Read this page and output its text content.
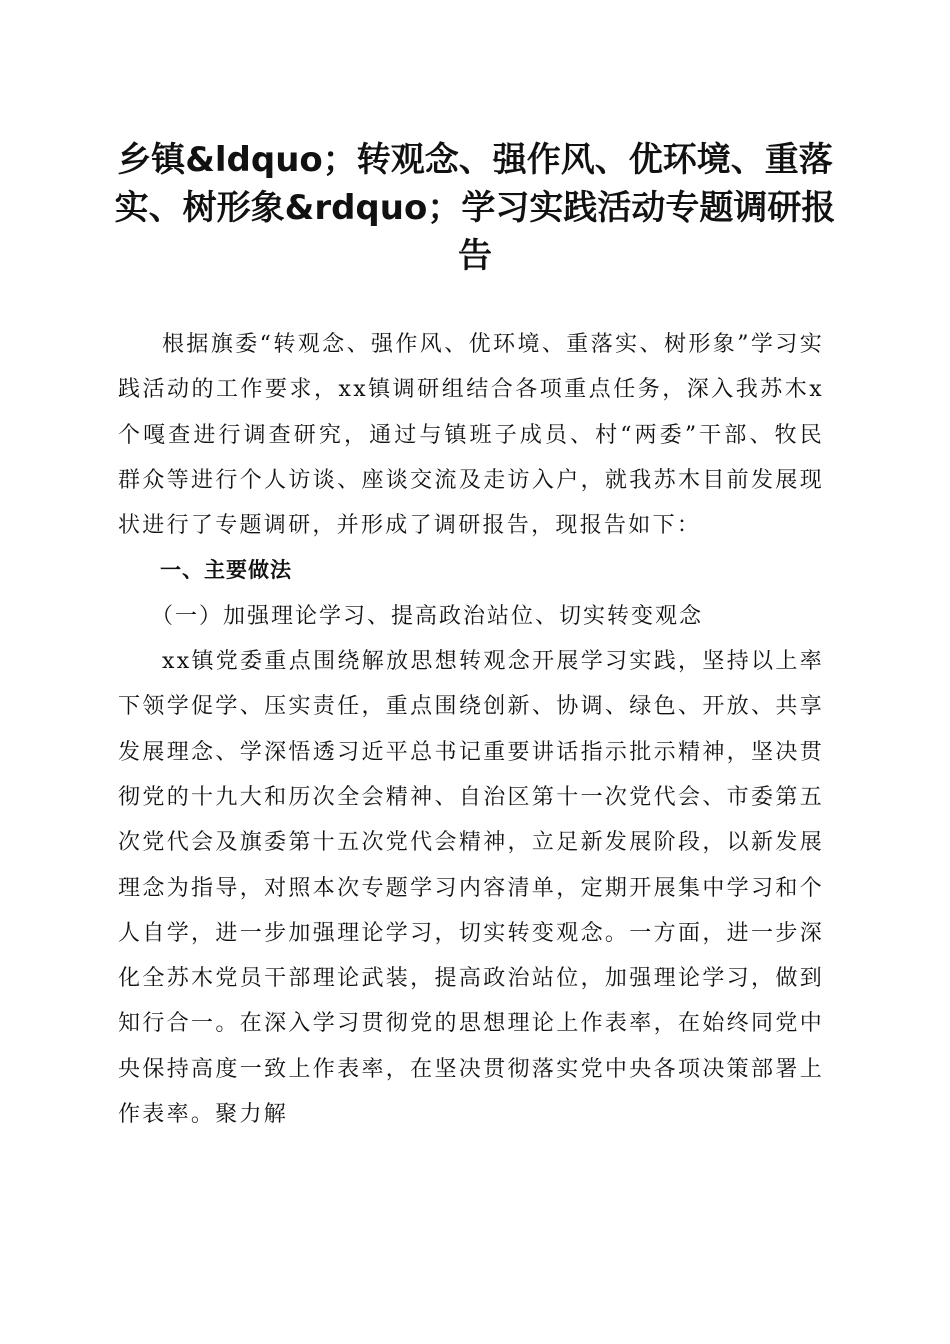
乡镇&ldquo；转观念、强作风、优环境、重落实、树形象&rdquo；学习实践活动专题调研报告

根据旗委“转观念、强作风、优环境、重落实、树形象”学习实践活动的工作要求，xx镇调研组结合各项重点任务，深入我苏木x个嘎查进行调查研究，通过与镇班子成员、村“两委”干部、牧民群众等进行个人访谈、座谈交流及走访入户，就我苏木目前发展现状进行了专题调研，并形成了调研报告，现报告如下：

一、主要做法

（一）加强理论学习、提高政治站位、切实转变观念

xx镇党委重点围绕解放思想转观念开展学习实践，坚持以上率下领学促学、压实责任，重点围绕创新、协调、绿色、开放、共享发展理念、学深悟透习近平总书记重要讲话指示批示精神，坚决贯彻党的十九大和历次全会精神、自治区第十一次党代会、市委第五次党代会及旗委第十五次党代会精神，立足新发展阶段，以新发展理念为指导，对照本次专题学习内容清单，定期开展集中学习和个人自学，进一步加强理论学习，切实转变观念。一方面，进一步深化全苏木党员干部理论武装，提高政治站位，加强理论学习，做到知行合一。在深入学习贯彻党的思想理论上作表率，在始终同党中央保持高度一致上作表率，在坚决贯彻落实党中央各项决策部署上作表率。聚力解
